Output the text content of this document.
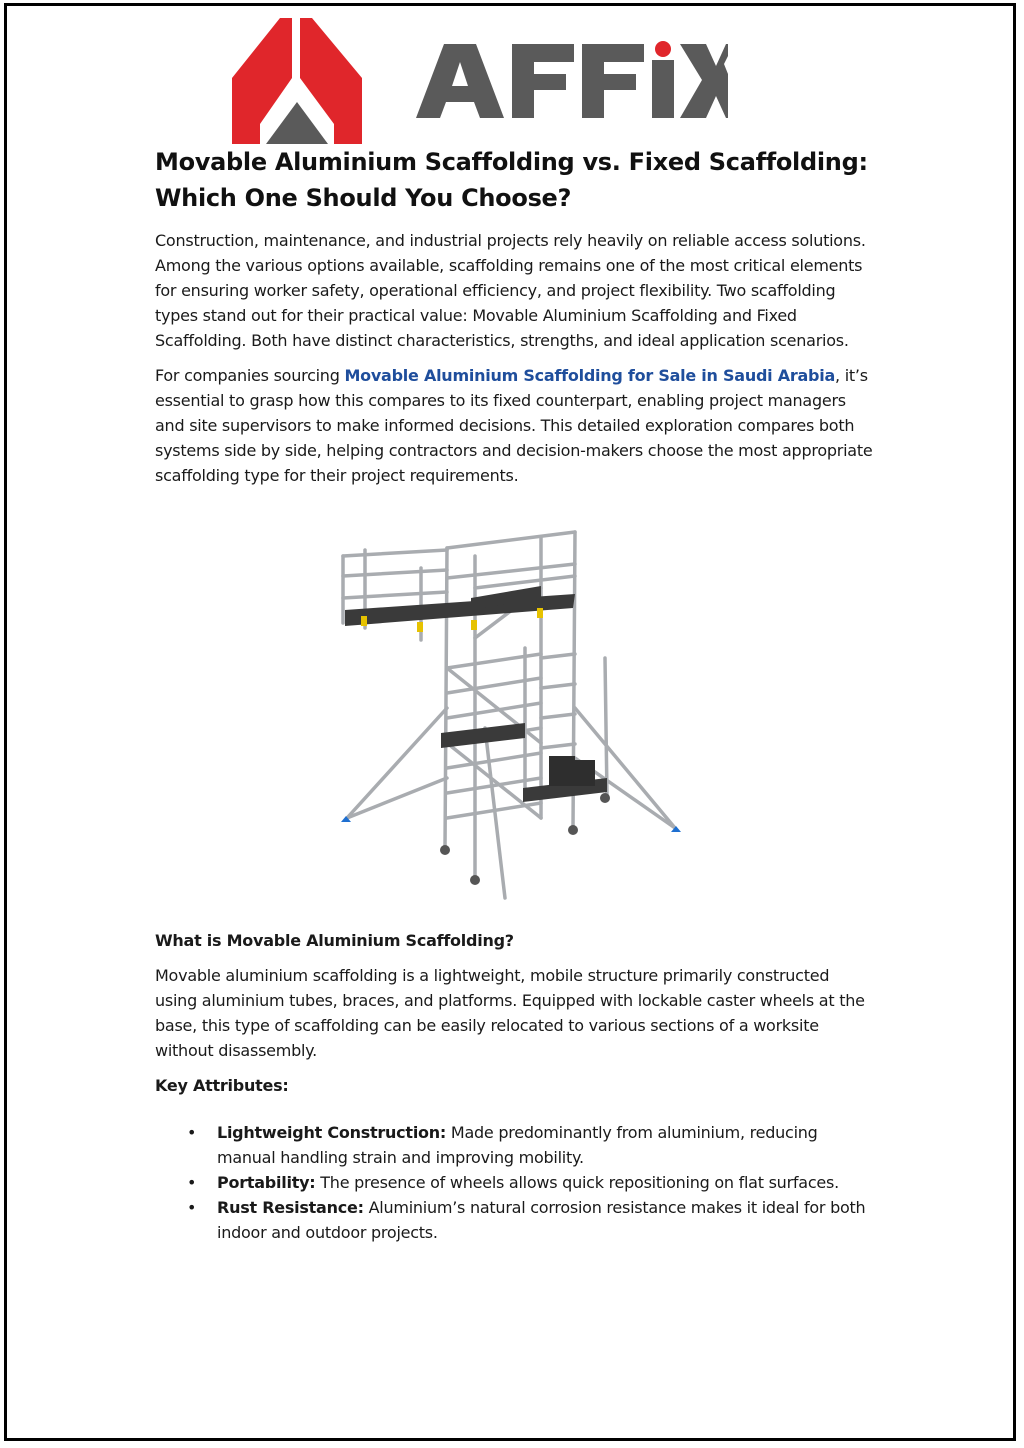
Movable Aluminium Scaffolding vs. Fixed Scaffolding:
Which One Should You Choose?

Construction, maintenance, and industrial projects rely heavily on reliable access solutions. Among the various options available, scaffolding remains one of the most critical elements for ensuring worker safety, operational efficiency, and project flexibility. Two scaffolding types stand out for their practical value: Movable Aluminium Scaffolding and Fixed Scaffolding. Both have distinct characteristics, strengths, and ideal application scenarios.

For companies sourcing Movable Aluminium Scaffolding for Sale in Saudi Arabia, it’s essential to grasp how this compares to its fixed counterpart, enabling project managers and site supervisors to make informed decisions. This detailed exploration compares both systems side by side, helping contractors and decision-makers choose the most appropriate scaffolding type for their project requirements.

What is Movable Aluminium Scaffolding?

Movable aluminium scaffolding is a lightweight, mobile structure primarily constructed using aluminium tubes, braces, and platforms. Equipped with lockable caster wheels at the base, this type of scaffolding can be easily relocated to various sections of a worksite without disassembly.

Key Attributes:

• Lightweight Construction: Made predominantly from aluminium, reducing manual handling strain and improving mobility.
• Portability: The presence of wheels allows quick repositioning on flat surfaces.
• Rust Resistance: Aluminium’s natural corrosion resistance makes it ideal for both indoor and outdoor projects.
